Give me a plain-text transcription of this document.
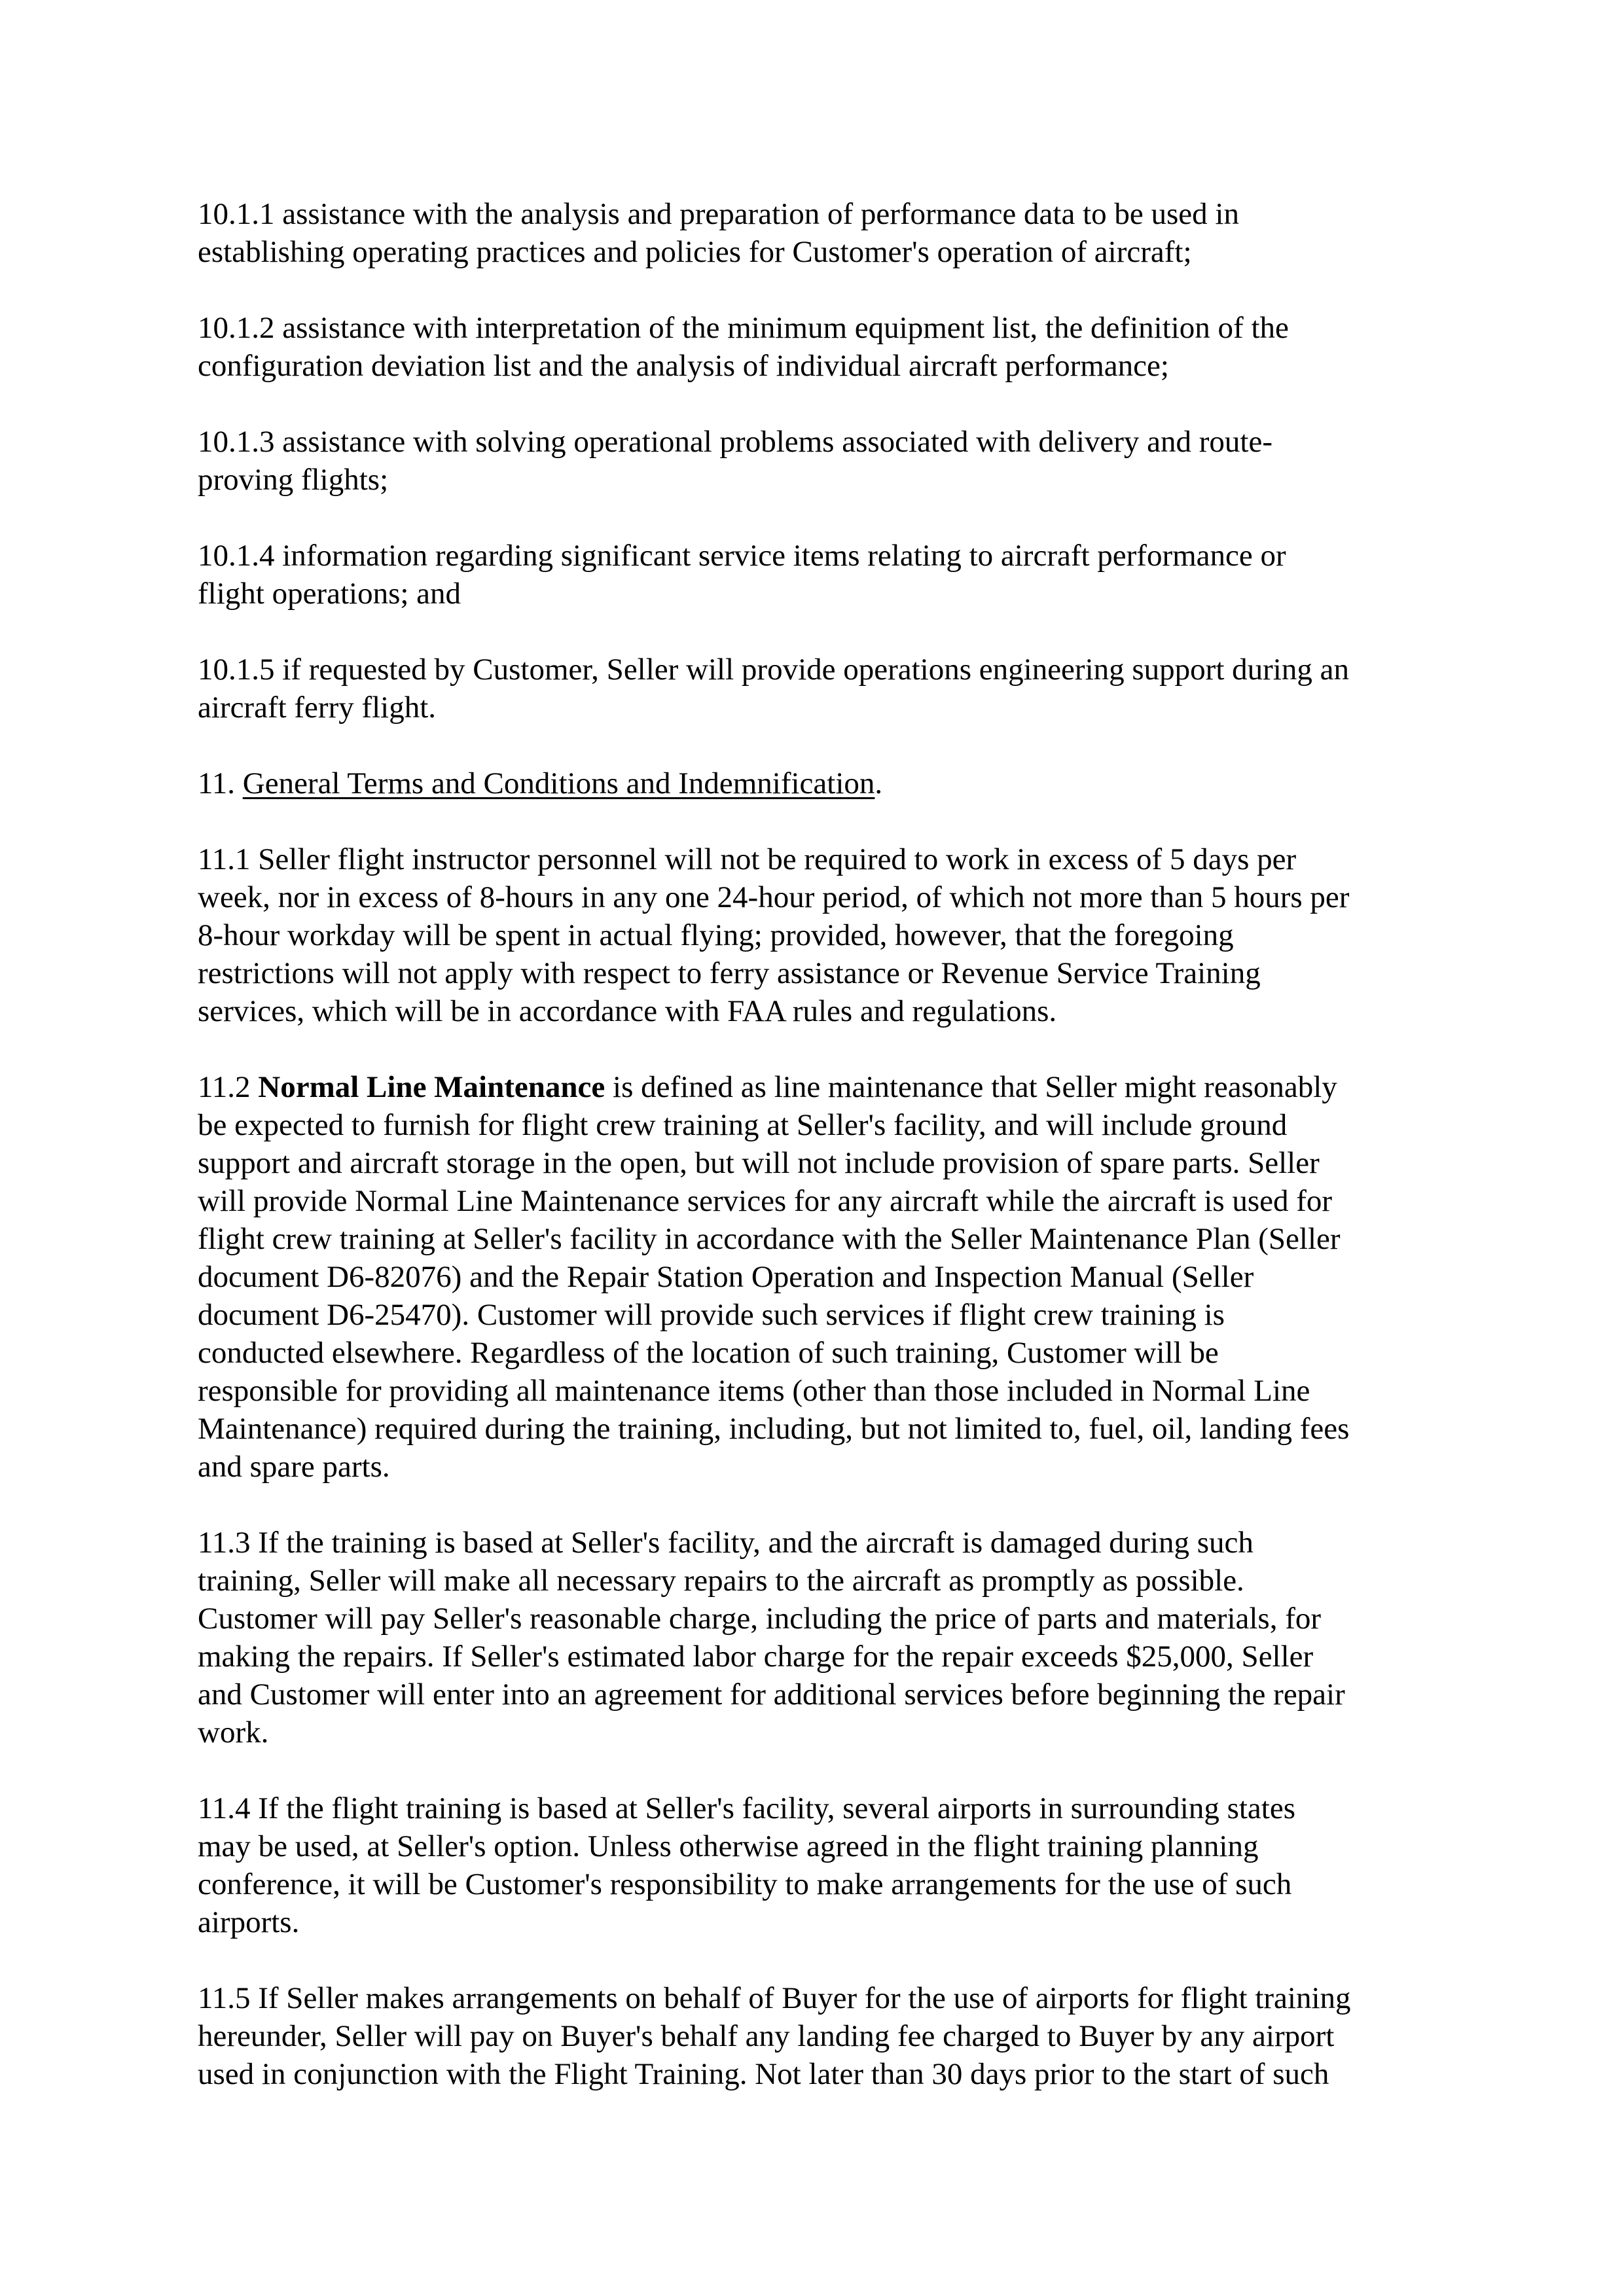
10.1.1 assistance with the analysis and preparation of performance data to be used in
establishing operating practices and policies for Customer's operation of aircraft;

10.1.2 assistance with interpretation of the minimum equipment list, the definition of the
configuration deviation list and the analysis of individual aircraft performance;

10.1.3 assistance with solving operational problems associated with delivery and route-
proving flights;

10.1.4 information regarding significant service items relating to aircraft performance or
flight operations; and

10.1.5 if requested by Customer, Seller will provide operations engineering support during an
aircraft ferry flight.

11. General Terms and Conditions and Indemnification.

11.1 Seller flight instructor personnel will not be required to work in excess of 5 days per
week, nor in excess of 8-hours in any one 24-hour period, of which not more than 5 hours per
8-hour workday will be spent in actual flying; provided, however, that the foregoing
restrictions will not apply with respect to ferry assistance or Revenue Service Training
services, which will be in accordance with FAA rules and regulations.

11.2 Normal Line Maintenance is defined as line maintenance that Seller might reasonably
be expected to furnish for flight crew training at Seller's facility, and will include ground
support and aircraft storage in the open, but will not include provision of spare parts. Seller
will provide Normal Line Maintenance services for any aircraft while the aircraft is used for
flight crew training at Seller's facility in accordance with the Seller Maintenance Plan (Seller
document D6-82076) and the Repair Station Operation and Inspection Manual (Seller
document D6-25470). Customer will provide such services if flight crew training is
conducted elsewhere. Regardless of the location of such training, Customer will be
responsible for providing all maintenance items (other than those included in Normal Line
Maintenance) required during the training, including, but not limited to, fuel, oil, landing fees
and spare parts.

11.3 If the training is based at Seller's facility, and the aircraft is damaged during such
training, Seller will make all necessary repairs to the aircraft as promptly as possible.
Customer will pay Seller's reasonable charge, including the price of parts and materials, for
making the repairs. If Seller's estimated labor charge for the repair exceeds $25,000, Seller
and Customer will enter into an agreement for additional services before beginning the repair
work.

11.4 If the flight training is based at Seller's facility, several airports in surrounding states
may be used, at Seller's option. Unless otherwise agreed in the flight training planning
conference, it will be Customer's responsibility to make arrangements for the use of such
airports.

11.5 If Seller makes arrangements on behalf of Buyer for the use of airports for flight training
hereunder, Seller will pay on Buyer's behalf any landing fee charged to Buyer by any airport
used in conjunction with the Flight Training. Not later than 30 days prior to the start of such
